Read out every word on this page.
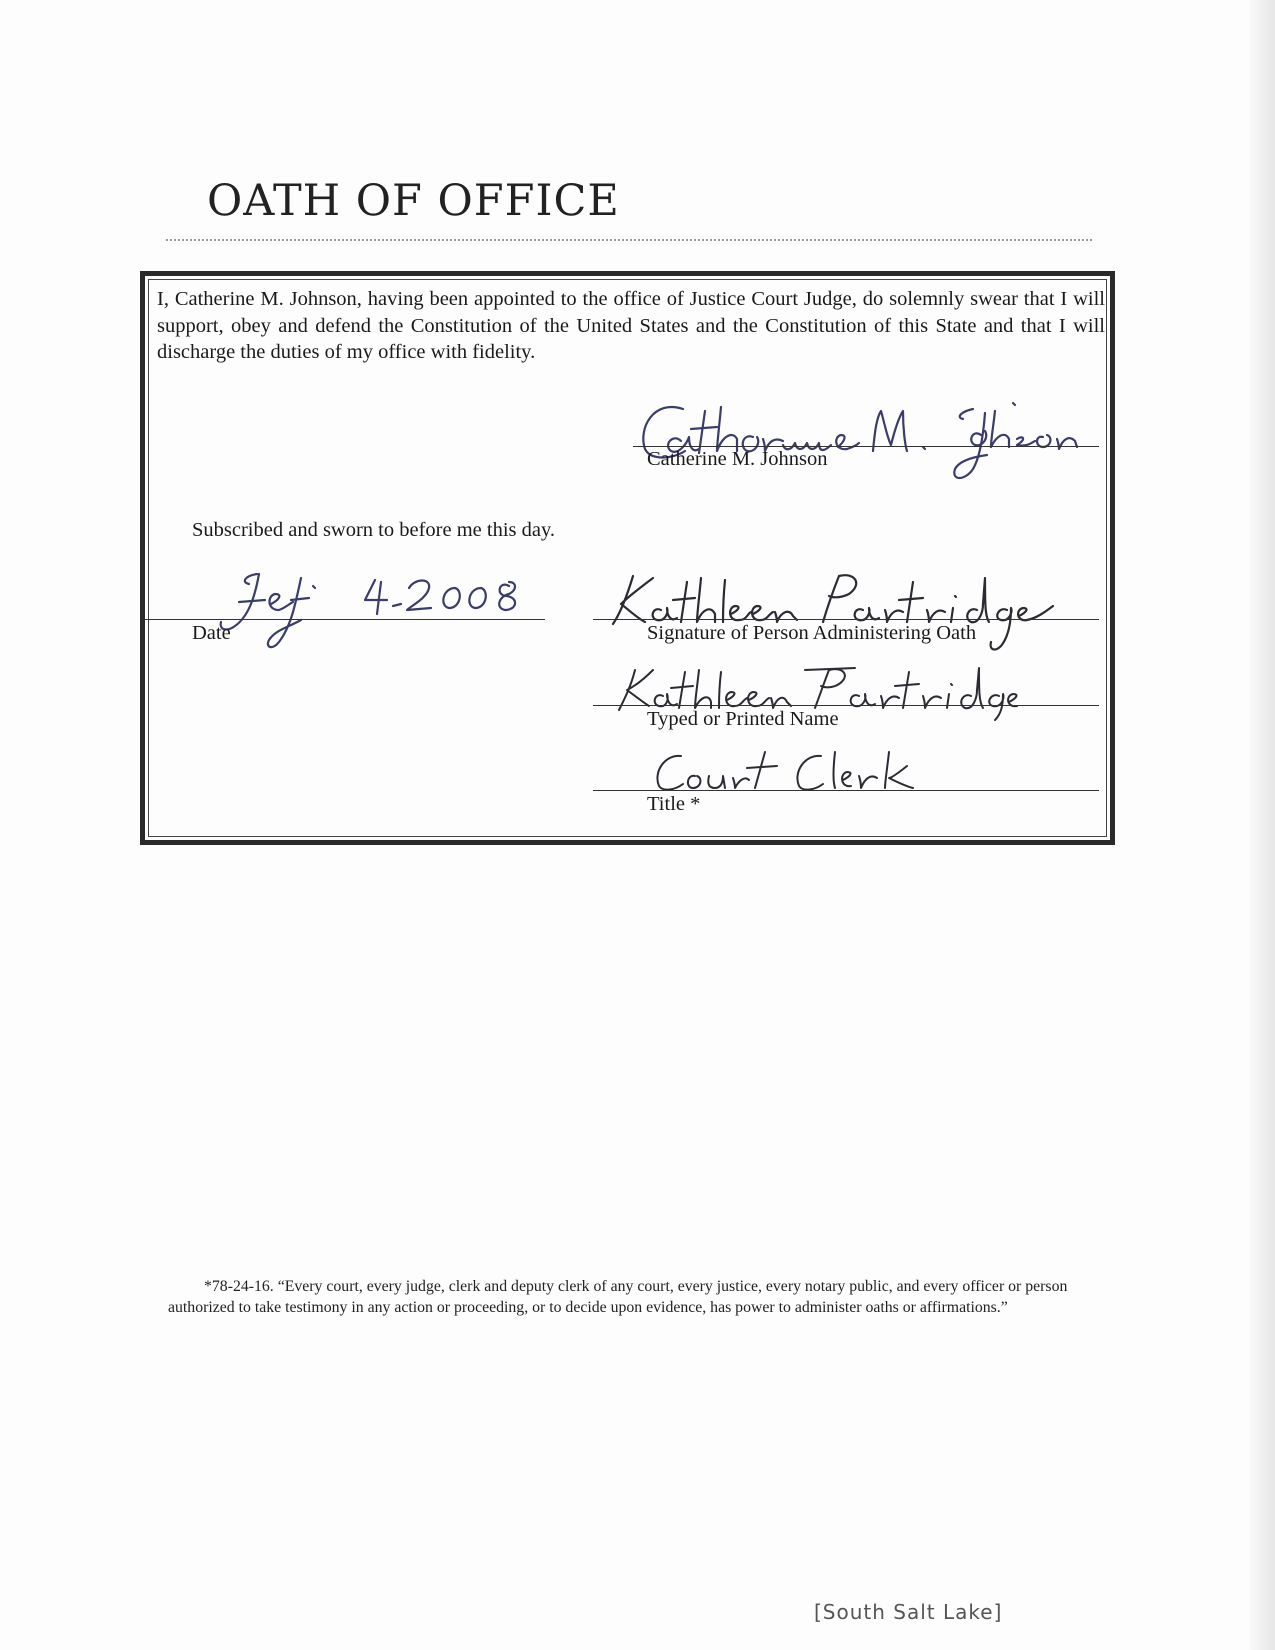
OATH OF OFFICE

I, Catherine M. Johnson, having been appointed to the office of Justice Court Judge, do solemnly swear that I will support, obey and defend the Constitution of the United States and the Constitution of this State and that I will discharge the duties of my office with fidelity.

Catherine M. Johnson
Subscribed and sworn to before me this day.
Date	Signature of Person Administering Oath
Typed or Printed Name
Title *

*78-24-16. “Every court, every judge, clerk and deputy clerk of any court, every justice, every notary public, and every officer or person authorized to take testimony in any action or proceeding, or to decide upon evidence, has power to administer oaths or affirmations.”

[South Salt Lake]
